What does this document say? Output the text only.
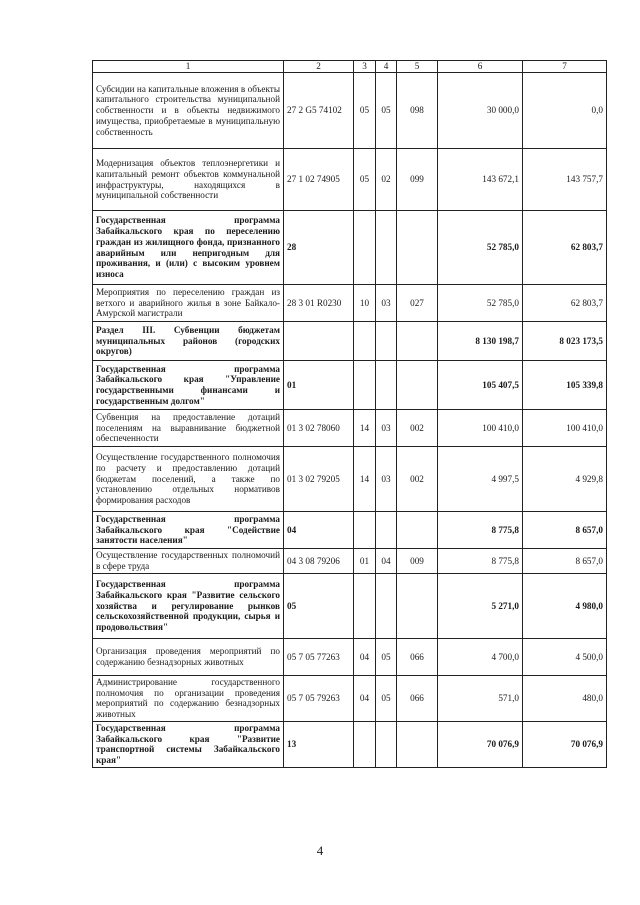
1	2	3	4	5	6	7
Субсидии на капитальные вложения в объекты капитального строительства муниципальной собственности и в объекты недвижимого имущества, приобретаемые в муниципальную собственность	27 2 G5 74102	05	05	098	30 000,0	0,0
Модернизация объектов теплоэнергетики и капитальный ремонт объектов коммунальной инфраструктуры, находящихся в муниципальной собственности	27 1 02 74905	05	02	099	143 672,1	143 757,7
Государственная программа Забайкальского края по переселению граждан из жилищного фонда, признанного аварийным или непригодным для проживания, и (или) с высоким уровнем износа	28				52 785,0	62 803,7
Мероприятия по переселению граждан из ветхого и аварийного жилья в зоне Байкало-Амурской магистрали	28 3 01 R0230	10	03	027	52 785,0	62 803,7
Раздел III. Субвенции бюджетам муниципальных районов (городских округов)					8 130 198,7	8 023 173,5
Государственная программа Забайкальского края "Управление государственными финансами и государственным долгом"	01				105 407,5	105 339,8
Субвенция на предоставление дотаций поселениям на выравнивание бюджетной обеспеченности	01 3 02 78060	14	03	002	100 410,0	100 410,0
Осуществление государственного полномочия по расчету и предоставлению дотаций бюджетам поселений, а также по установлению отдельных нормативов формирования расходов	01 3 02 79205	14	03	002	4 997,5	4 929,8
Государственная программа Забайкальского края "Содействие занятости населения"	04				8 775,8	8 657,0
Осуществление государственных полномочий в сфере труда	04 3 08 79206	01	04	009	8 775,8	8 657,0
Государственная программа Забайкальского края "Развитие сельского хозяйства и регулирование рынков сельскохозяйственной продукции, сырья и продовольствия"	05				5 271,0	4 980,0
Организация проведения мероприятий по содержанию безнадзорных животных	05 7 05 77263	04	05	066	4 700,0	4 500,0
Администрирование государственного полномочия по организации проведения мероприятий по содержанию безнадзорных животных	05 7 05 79263	04	05	066	571,0	480,0
Государственная программа Забайкальского края "Развитие транспортной системы Забайкальского края"	13				70 076,9	70 076,9
4
